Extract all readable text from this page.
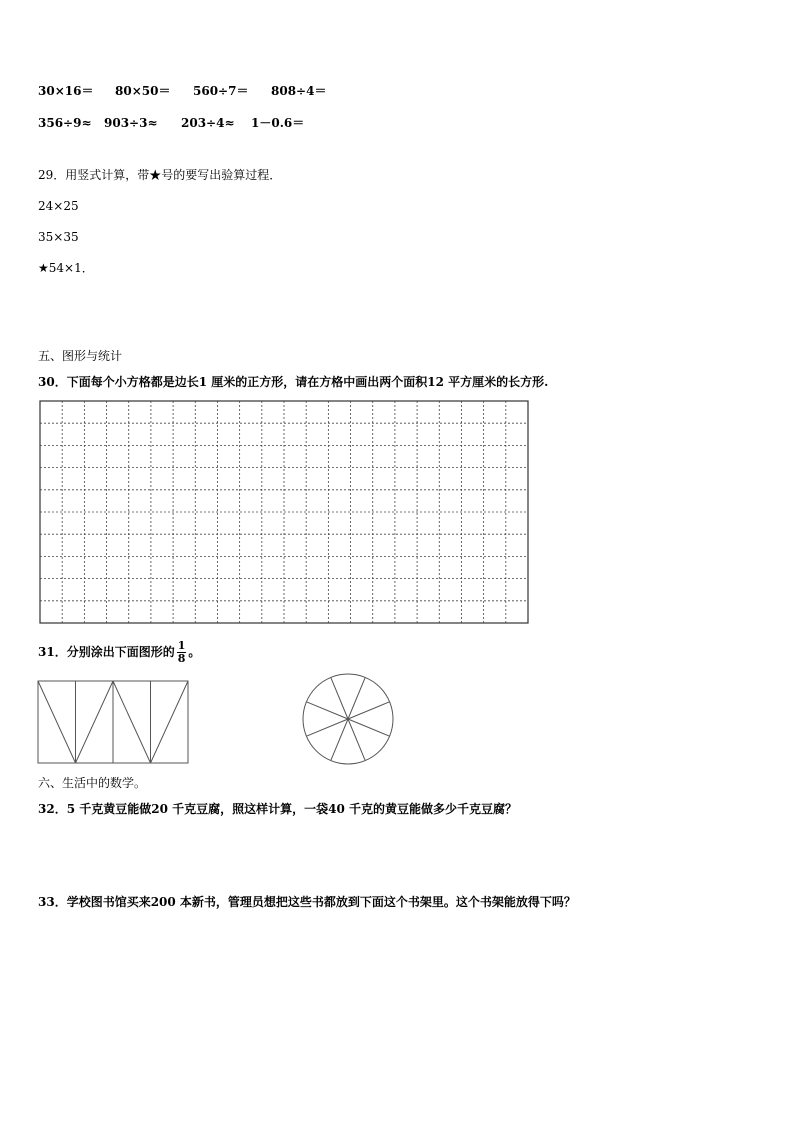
30×16＝ 80×50＝ 560÷7＝ 808÷4＝
356÷9≈ 903÷3≈ 203÷4≈ 1－0.6＝
29．用竖式计算，带★号的要写出验算过程．
24×25
35×35
★54×1．
五、图形与统计
30．下面每个小方格都是边长1 厘米的正方形，请在方格中画出两个面积12 平方厘米的长方形.
31．分别涂出下面图形的 $\frac{1}{8}$ 。
六、生活中的数学。
32．5 千克黄豆能做20 千克豆腐，照这样计算，一袋40 千克的黄豆能做多少千克豆腐？
33．学校图书馆买来200 本新书，管理员想把这些书都放到下面这个书架里。这个书架能放得下吗？
